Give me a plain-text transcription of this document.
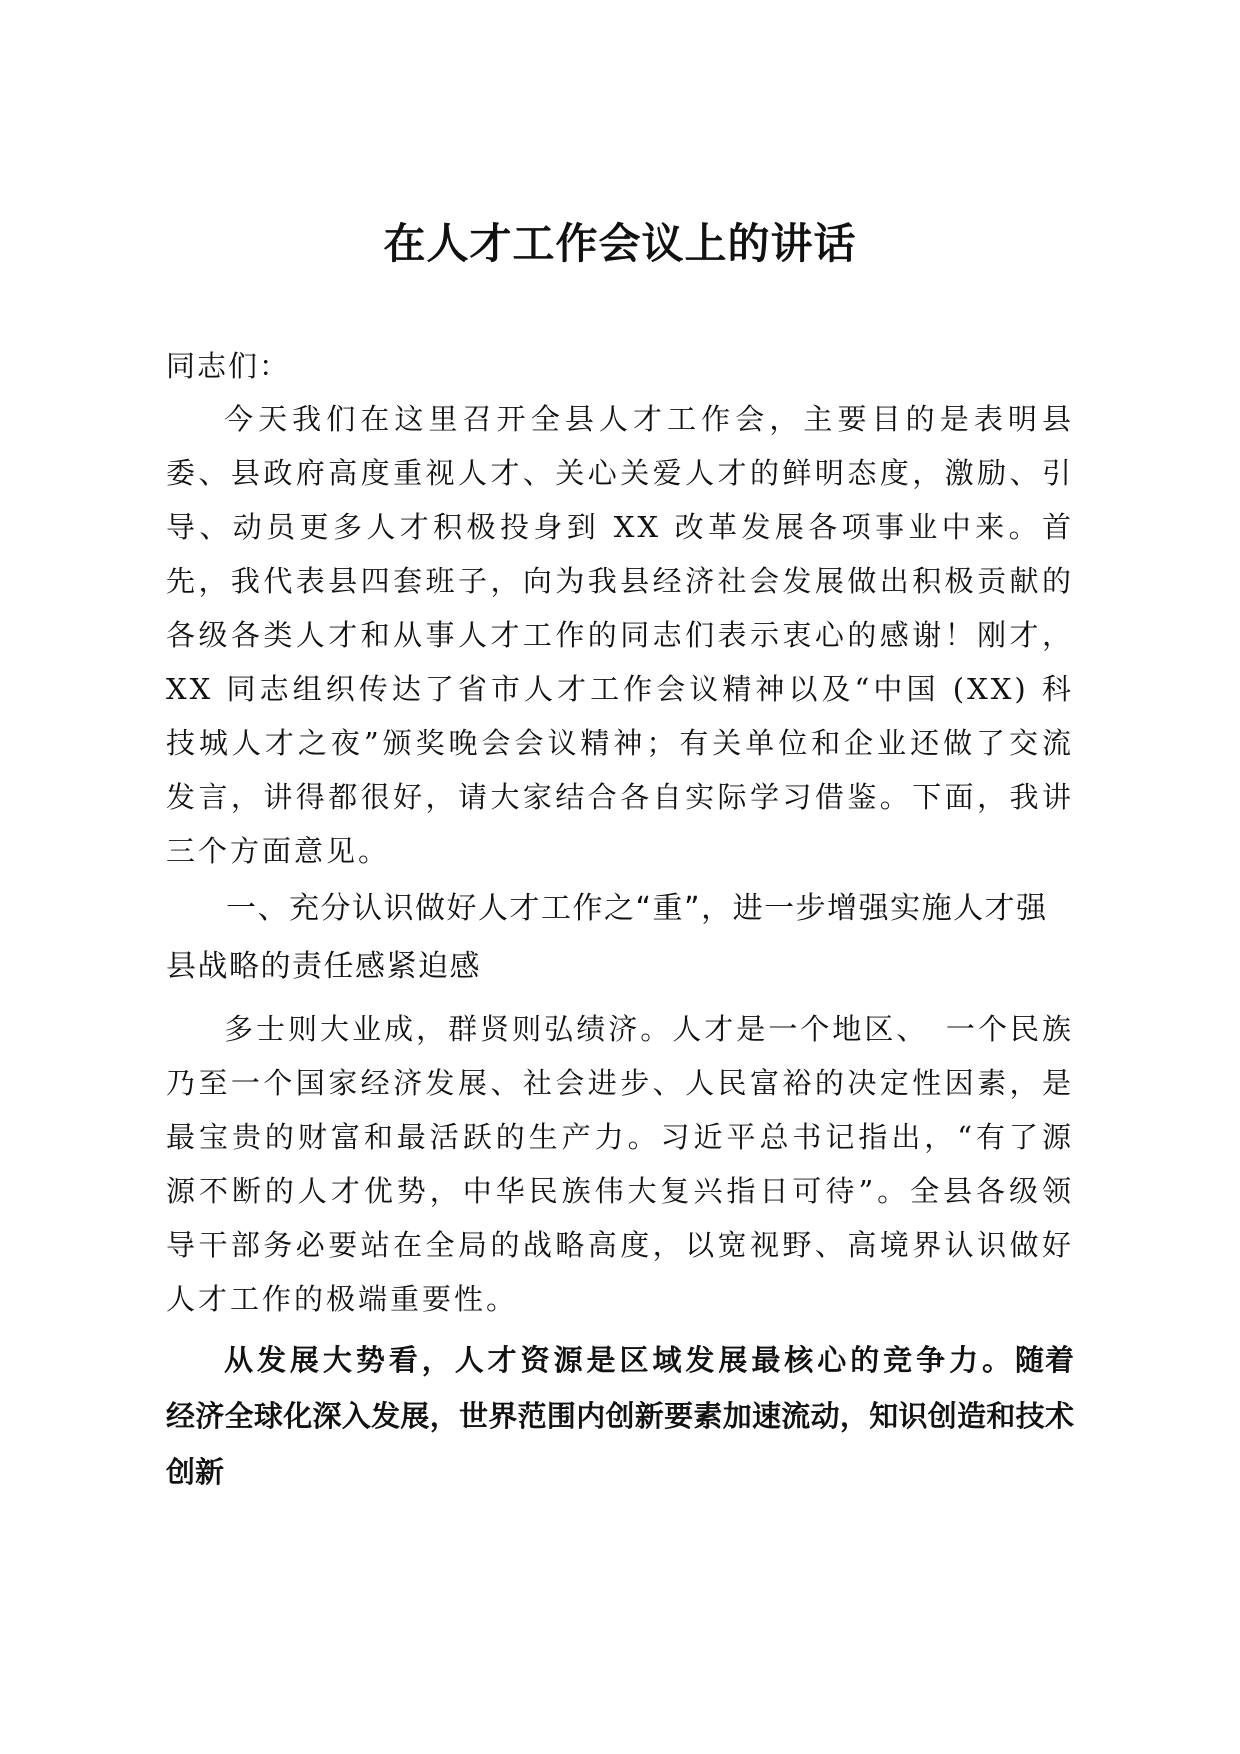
在人才工作会议上的讲话

同志们：

今天我们在这里召开全县人才工作会，主要目的是表明县委、县政府高度重视人才、关心关爱人才的鲜明态度，激励、引导、动员更多人才积极投身到 XX 改革发展各项事业中来。首先，我代表县四套班子，向为我县经济社会发展做出积极贡献的各级各类人才和从事人才工作的同志们表示衷心的感谢！刚才，XX 同志组织传达了省市人才工作会议精神以及“中国 (XX) 科技城人才之夜”颁奖晚会会议精神；有关单位和企业还做了交流发言，讲得都很好，请大家结合各自实际学习借鉴。下面，我讲三个方面意见。

一、充分认识做好人才工作之“重”，进一步增强实施人才强县战略的责任感紧迫感

多士则大业成，群贤则弘绩济。人才是一个地区、　一个民族乃至一个国家经济发展、社会进步、人民富裕的决定性因素，是最宝贵的财富和最活跃的生产力。习近平总书记指出，“有了源源不断的人才优势，中华民族伟大复兴指日可待”。全县各级领导干部务必要站在全局的战略高度，以宽视野、高境界认识做好人才工作的极端重要性。

从发展大势看，人才资源是区域发展最核心的竞争力。随着经济全球化深入发展，世界范围内创新要素加速流动，知识创造和技术创新
